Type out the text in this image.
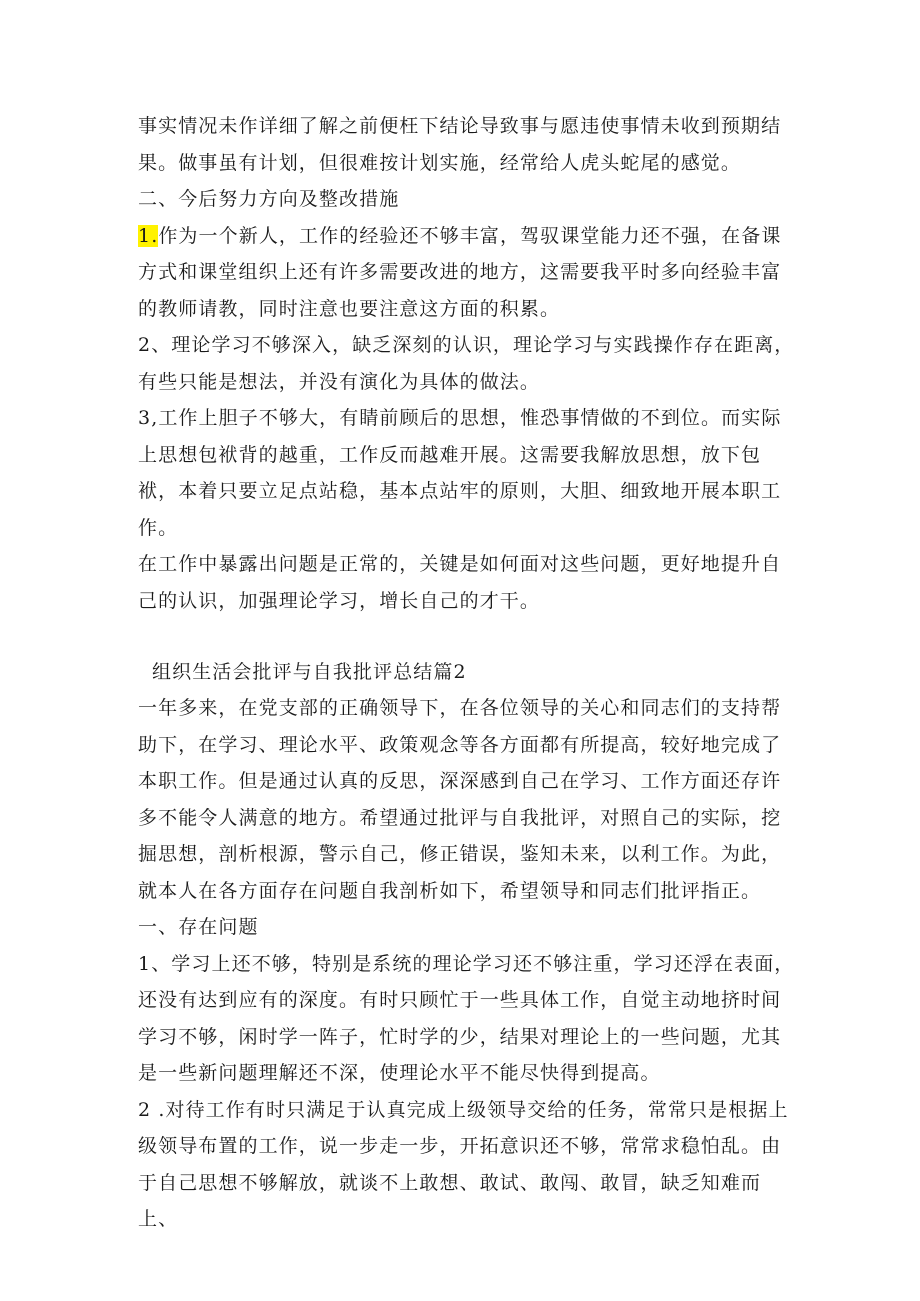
事实情况未作详细了解之前便枉下结论导致事与愿违使事情未收到预期结果。做事虽有计划，但很难按计划实施，经常给人虎头蛇尾的感觉。

二、今后努力方向及整改措施

1.作为一个新人，工作的经验还不够丰富，驾驭课堂能力还不强，在备课方式和课堂组织上还有许多需要改进的地方，这需要我平时多向经验丰富的教师请教，同时注意也要注意这方面的积累。

2、理论学习不够深入，缺乏深刻的认识，理论学习与实践操作存在距离，有些只能是想法，并没有演化为具体的做法。

3,工作上胆子不够大，有睛前顾后的思想，惟恐事情做的不到位。而实际上思想包袱背的越重，工作反而越难开展。这需要我解放思想，放下包袱，本着只要立足点站稳，基本点站牢的原则，大胆、细致地开展本职工作。

在工作中暴露出问题是正常的，关键是如何面对这些问题，更好地提升自己的认识，加强理论学习，增长自己的才干。

组织生活会批评与自我批评总结篇2

一年多来，在党支部的正确领导下，在各位领导的关心和同志们的支持帮助下，在学习、理论水平、政策观念等各方面都有所提高，较好地完成了本职工作。但是通过认真的反思，深深感到自己在学习、工作方面还存许多不能令人满意的地方。希望通过批评与自我批评，对照自己的实际，挖掘思想，剖析根源，警示自己，修正错误，鉴知未来，以利工作。为此，就本人在各方面存在问题自我剖析如下，希望领导和同志们批评指正。

一、存在问题

1、学习上还不够，特别是系统的理论学习还不够注重，学习还浮在表面，还没有达到应有的深度。有时只顾忙于一些具体工作，自觉主动地挤时间学习不够，闲时学一阵子，忙时学的少，结果对理论上的一些问题，尤其是一些新问题理解还不深，使理论水平不能尽快得到提高。

2 .对待工作有时只满足于认真完成上级领导交给的任务，常常只是根据上级领导布置的工作，说一步走一步，开拓意识还不够，常常求稳怕乱。由于自己思想不够解放，就谈不上敢想、敢试、敢闯、敢冒，缺乏知难而上、
